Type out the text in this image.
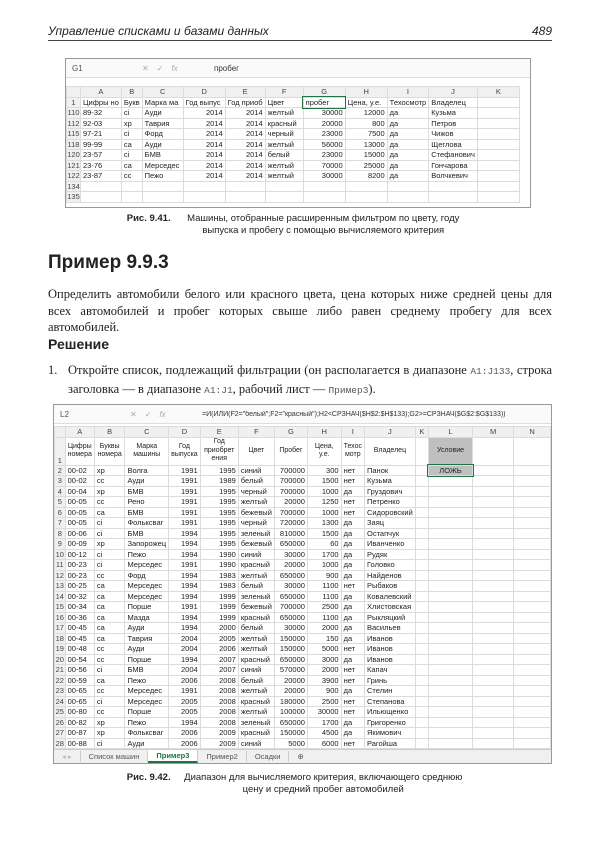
Управление списками и базами данных	489
G1	✕ ✓ fx	пробег
	A	B	C	D	E	F	G	H	I	J	K
1	Цифры но	Букв	Марка ма	Год выпус	Год приоб	Цвет	пробег	Цена, у.е.	Техосмотр	Владелец	
110	89-32	ci	Ауди	2014	2014	желтый	30000	12000	да	Кузьма	
112	92-03	xp	Таврия	2014	2014	красный	20000	800	да	Петров	
115	97-21	ci	Форд	2014	2014	черный	23000	7500	да	Чижов	
118	99-99	ca	Ауди	2014	2014	желтый	56000	13000	да	Щеглова	
120	23-57	ci	БМВ	2014	2014	белый	23000	15000	да	Стефанович	
121	23-76	ca	Мерседес	2014	2014	желтый	70000	25000	да	Гончарова	
122	23-87	cc	Пежо	2014	2014	желтый	30000	8200	да	Волчкевич	
134											
135											
Рис. 9.41. Машины, отобранные расширенным фильтром по цвету, году выпуска и пробегу с помощью вычисляемого критерия
Пример 9.9.3
Определить автомобили белого или красного цвета, цена которых ниже средней цены для всех автомобилей и пробег которых свыше либо равен среднему пробегу для всех автомобилей.
Решение
1. Откройте список, подлежащий фильтрации (он располагается в диапазоне A1:J133, строка заголовка — в диапазоне A1:J1, рабочий лист — Пример3).
L2	✕ ✓ fx	=И(ИЛИ(F2="белый";F2="красный");H2<СРЗНАЧ($H$2:$H$133);G2>=СРЗНАЧ($G$2:$G$133))
	A	B	C	D	E	F	G	H	I	J	K	L	M	N
1	Цифры номера	Буквы номера	Марка машины	Год выпуска	Год приобрет ения	Цвет	Пробег	Цена, у.е.	Техос мотр	Владелец		Условие		
2	00-02	xp	Волга	1991	1995	синий	700000	300	нет	Панок		ЛОЖЬ		
3	00-02	cc	Ауди	1991	1989	белый	700000	1500	нет	Кузьма				
4	00-04	xp	БМВ	1991	1995	черный	700000	1000	да	Груздович				
5	00-05	cc	Рено	1991	1995	желтый	20000	1250	нет	Петренко				
6	00-05	ca	БМВ	1991	1995	бежевый	700000	1000	нет	Сидоровский				
7	00-05	ci	Фольксваг	1991	1995	черный	720000	1300	да	Заяц				
8	00-06	ci	БМВ	1994	1995	зеленый	810000	1500	да	Остапчук				
9	00-09	xp	Запорожец	1994	1995	бежевый	650000	60	да	Иванченко				
10	00-12	ci	Пежо	1994	1990	синий	30000	1700	да	Рудяк				
11	00-23	ci	Мерседес	1991	1990	красный	20000	1000	да	Головко				
12	00-23	cc	Форд	1994	1983	желтый	650000	900	да	Найденов				
13	00-25	ca	Мерседес	1994	1983	белый	30000	1100	нет	Рыбаков				
14	00-32	ca	Мерседес	1994	1999	зеленый	650000	1100	да	Ковалевский				
15	00-34	ca	Порше	1991	1999	бежевый	700000	2500	да	Хлистовская				
16	00-36	ca	Мазда	1994	1999	красный	650000	1100	да	Рыкляцкий				
17	00-45	ca	Ауди	1994	2000	белый	30000	2000	да	Васильев				
18	00-45	ca	Таврия	2004	2005	желтый	150000	150	да	Иванов				
19	00-48	cc	Ауди	2004	2006	желтый	150000	5000	нет	Иванов				
20	00-54	cc	Порше	1994	2007	красный	650000	3000	да	Иванов				
21	00-56	ci	БМВ	2004	2007	синий	570000	2000	нет	Капач				
22	00-59	ca	Пежо	2006	2008	белый	20000	3900	нет	Гринь				
23	00-65	cc	Мерседес	1991	2008	желтый	20000	900	да	Стелин				
24	00-65	ci	Мерседес	2005	2008	красный	180000	2500	нет	Степанова				
25	00-80	cc	Порше	2005	2008	желтый	100000	30000	нет	Ильющенко				
26	00-82	xp	Пежо	1994	2008	зеленый	650000	1700	да	Григоренко				
27	00-87	xp	Фольксваг	2006	2009	красный	150000	4500	да	Якимович				
28	00-88	ci	Ауди	2006	2009	синий	5000	6000	нет	Рагойша				
◂ ▸	Список машин	Пример3	Пример2	Осадки	⊕
Рис. 9.42. Диапазон для вычисляемого критерия, включающего среднюю цену и средний пробег автомобилей
